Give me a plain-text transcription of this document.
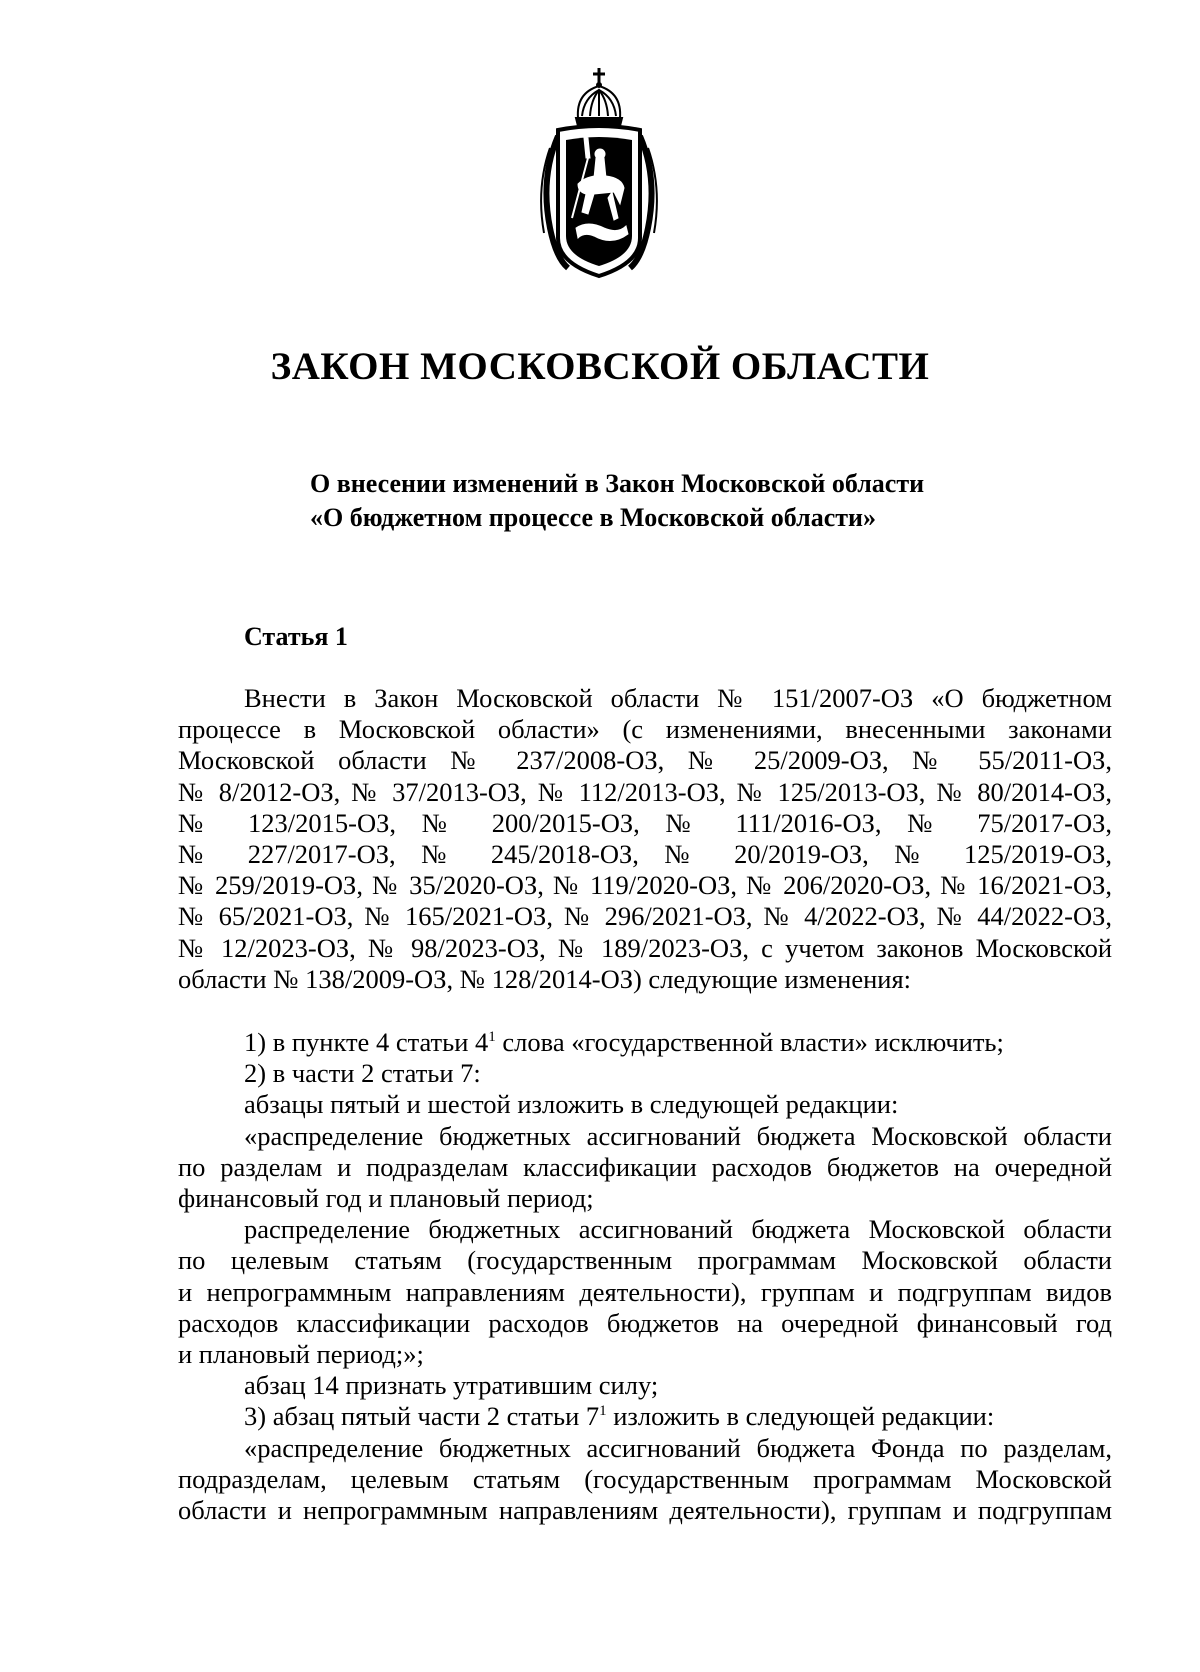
ЗАКОН МОСКОВСКОЙ ОБЛАСТИ
О внесении изменений в Закон Московской области
«О бюджетном процессе в Московской области»
Статья 1
Внести в Закон Московской области № 151/2007-ОЗ «О бюджетном
процессе в Московской области» (с изменениями, внесенными законами
Московской области № 237/2008-ОЗ, № 25/2009-ОЗ, № 55/2011-ОЗ,
№ 8/2012-ОЗ, № 37/2013-ОЗ, № 112/2013-ОЗ, № 125/2013-ОЗ, № 80/2014-ОЗ,
№ 123/2015-ОЗ, № 200/2015-ОЗ, № 111/2016-ОЗ, № 75/2017-ОЗ,
№ 227/2017-ОЗ, № 245/2018-ОЗ, № 20/2019-ОЗ, № 125/2019-ОЗ,
№ 259/2019-ОЗ, № 35/2020-ОЗ, № 119/2020-ОЗ, № 206/2020-ОЗ, № 16/2021-ОЗ,
№ 65/2021-ОЗ, № 165/2021-ОЗ, № 296/2021-ОЗ, № 4/2022-ОЗ, № 44/2022-ОЗ,
№ 12/2023-ОЗ, № 98/2023-ОЗ, № 189/2023-ОЗ, с учетом законов Московской
области № 138/2009-ОЗ, № 128/2014-ОЗ) следующие изменения:
1) в пункте 4 статьи $4^1$ слова «государственной власти» исключить;
2) в части 2 статьи 7:
абзацы пятый и шестой изложить в следующей редакции:
«распределение бюджетных ассигнований бюджета Московской области
по разделам и подразделам классификации расходов бюджетов на очередной
финансовый год и плановый период;
распределение бюджетных ассигнований бюджета Московской области
по целевым статьям (государственным программам Московской области
и непрограммным направлениям деятельности), группам и подгруппам видов
расходов классификации расходов бюджетов на очередной финансовый год
и плановый период;»;
абзац 14 признать утратившим силу;
3) абзац пятый части 2 статьи $7^1$ изложить в следующей редакции:
«распределение бюджетных ассигнований бюджета Фонда по разделам,
подразделам, целевым статьям (государственным программам Московской
области и непрограммным направлениям деятельности), группам и подгруппам
